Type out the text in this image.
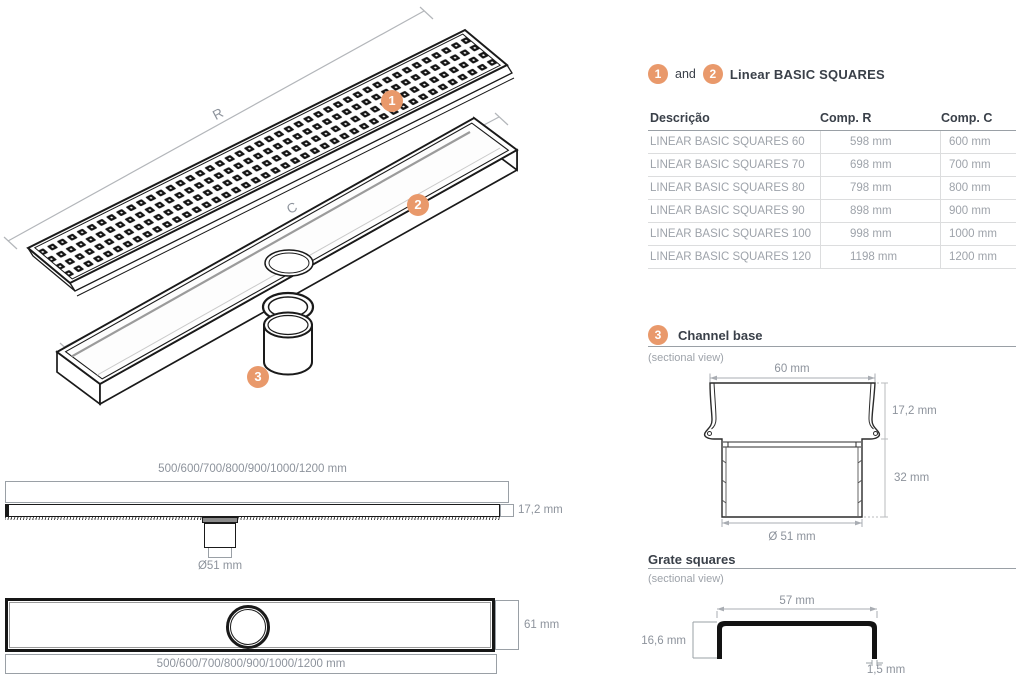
R
C
1
2
3
1	and	2	Linear BASIC SQUARES
Descrição	Comp. R	Comp. C
LINEAR BASIC SQUARES 60	598 mm	600 mm
LINEAR BASIC SQUARES 70	698 mm	700 mm
LINEAR BASIC SQUARES 80	798 mm	800 mm
LINEAR BASIC SQUARES 90	898 mm	900 mm
LINEAR BASIC SQUARES 100	998 mm	1000 mm
LINEAR BASIC SQUARES 120	1198 mm	1200 mm
3	Channel base
(sectional view)
60 mm
17,2 mm
32 mm
Ø 51 mm
Grate squares
(sectional view)
57 mm
16,6 mm
1,5 mm
500/600/700/800/900/1000/1200 mm
17,2 mm
Ø51 mm
61 mm
500/600/700/800/900/1000/1200 mm
